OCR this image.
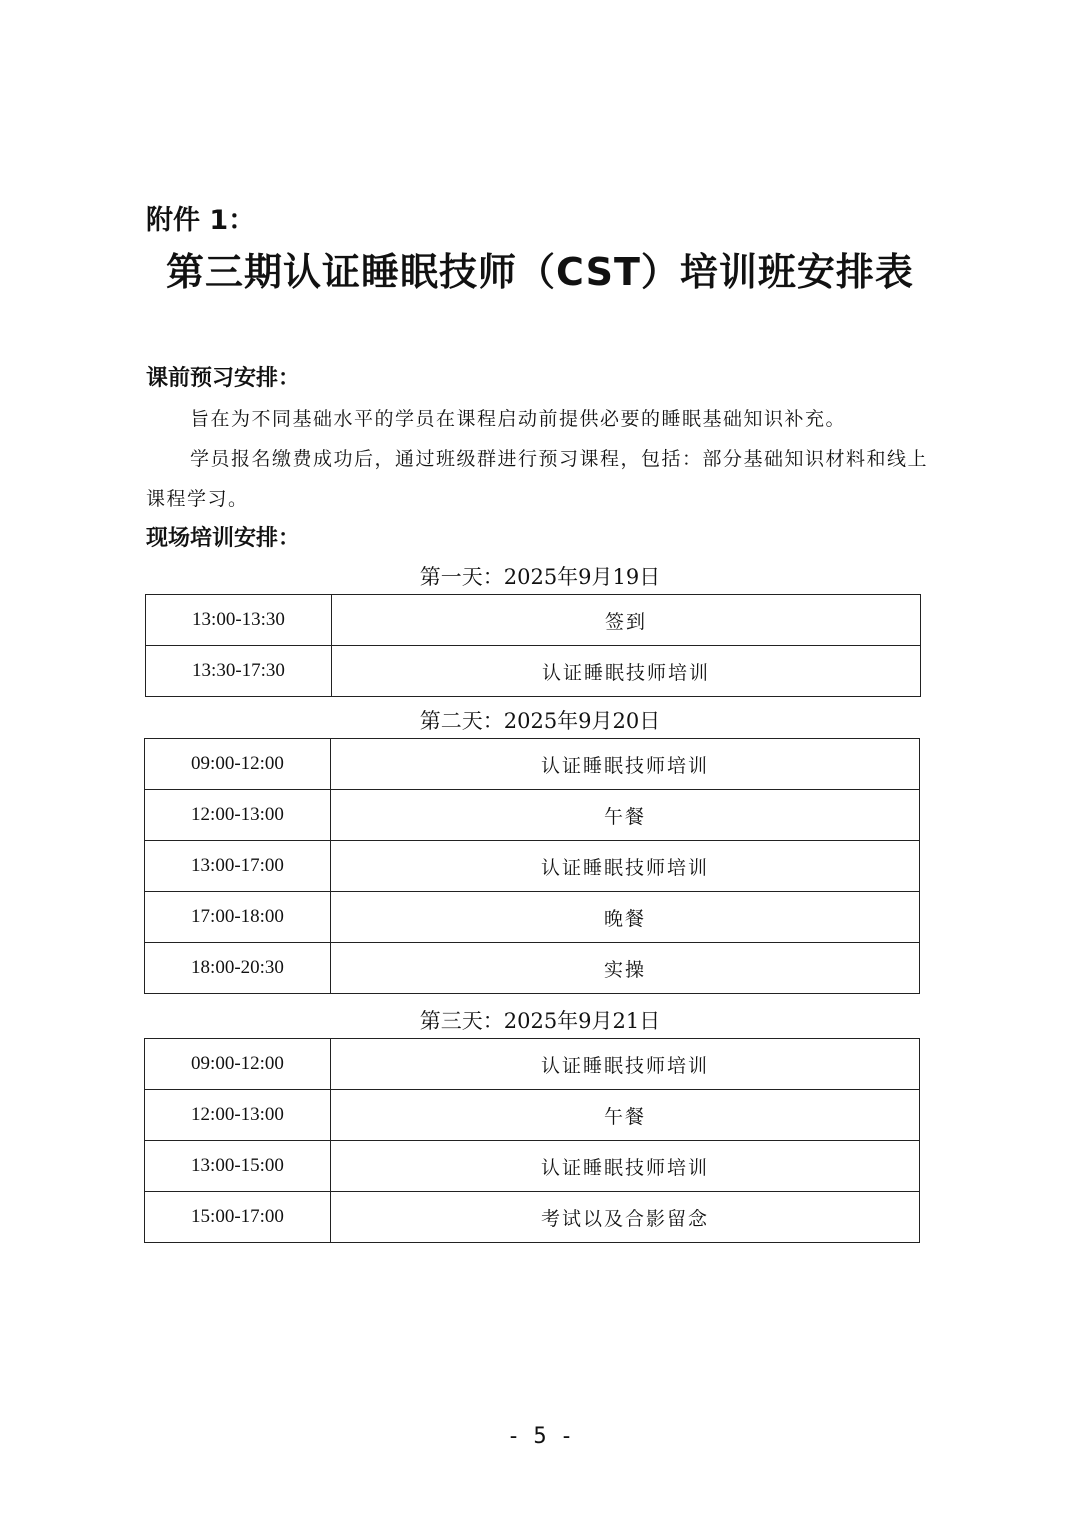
附件 1：
第三期认证睡眠技师（CST）培训班安排表
课前预习安排：
旨在为不同基础水平的学员在课程启动前提供必要的睡眠基础知识补充。
学员报名缴费成功后，通过班级群进行预习课程，包括：部分基础知识材料和线上课程学习。
现场培训安排：
第一天：2025年9月19日
13:00-13:30	签到
13:30-17:30	认证睡眠技师培训
第二天：2025年9月20日
09:00-12:00	认证睡眠技师培训
12:00-13:00	午餐
13:00-17:00	认证睡眠技师培训
17:00-18:00	晚餐
18:00-20:30	实操
第三天：2025年9月21日
09:00-12:00	认证睡眠技师培训
12:00-13:00	午餐
13:00-15:00	认证睡眠技师培训
15:00-17:00	考试以及合影留念
- 5 -
